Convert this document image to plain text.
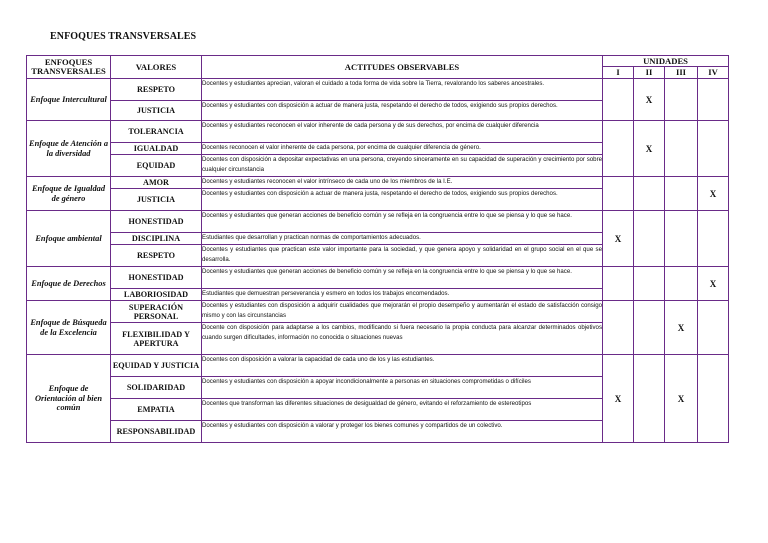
ENFOQUES TRANSVERSALES
ENFOQUES TRANSVERSALES	VALORES	ACTITUDES OBSERVABLES	UNIDADES			
			I	II	III	IV
Enfoque Intercultural	RESPETO	Docentes y estudiantes aprecian, valoran el cuidado a toda forma de vida sobre la Tierra, revalorando los saberes ancestrales.		X		
	JUSTICIA	Docentes y estudiantes con disposición a actuar de manera justa, respetando el derecho de todos, exigiendo sus propios derechos.				

Enfoque de Atención a la diversidad	TOLERANCIA	Docentes y estudiantes reconocen el valor inherente de cada persona y de sus derechos, por encima de cualquier diferencia		X		
	IGUALDAD	Docentes reconocen el valor inherente de cada persona, por encima de cualquier diferencia de género.				

	EQUIDAD	Docentes con disposición a depositar expectativas en una persona, creyendo sinceramente en su capacidad de superación y crecimiento por sobre cualquier circunstancia				

Enfoque de Igualdad de género	AMOR	Docentes y estudiantes reconocen el valor intrínseco de cada uno de los miembros de la I.E.				X
	JUSTICIA	Docentes y estudiantes con disposición a actuar de manera justa, respetando el derecho de todos, exigiendo sus propios derechos.				

Enfoque ambiental	HONESTIDAD	Docentes y estudiantes que generan acciones de beneficio común y se refleja en la congruencia entre lo que se piensa y lo que se hace.	X			
	DISCIPLINA	Estudiantes que desarrollan y practican normas de comportamientos adecuados.				

	RESPETO	Docentes y estudiantes que practican este valor importante para la sociedad, y que genera apoyo y solidaridad en el grupo social en el que se desarrolla.				

Enfoque de Derechos	HONESTIDAD	Docentes y estudiantes que generan acciones de beneficio común y se refleja en la congruencia entre lo que se piensa y lo que se hace.				X
	LABORIOSIDAD	Estudiantes que demuestran perseverancia y esmero en todos los trabajos encomendados.				

Enfoque de Búsqueda de la Excelencia	SUPERACIÓN PERSONAL	Docentes y estudiantes con disposición a adquirir cualidades que mejorarán el propio desempeño y aumentarán el estado de satisfacción consigo mismo y con las circunstancias			X	
	FLEXIBILIDAD Y APERTURA	Docente con disposición para adaptarse a los cambios, modificando si fuera necesario la propia conducta para alcanzar determinados objetivos cuando surgen dificultades, información no conocida o situaciones nuevas				

Enfoque de Orientación al bien común	EQUIDAD Y JUSTICIA	Docentes con disposición a valorar la capacidad de cada uno de los y las estudiantes.	X		X	
	SOLIDARIDAD	Docentes y estudiantes con disposición a apoyar incondicionalmente a personas en situaciones comprometidas o difíciles				

	EMPATIA	Docentes que transforman las diferentes situaciones de desigualdad de género, evitando el reforzamiento de estereotipos				

	RESPONSABILIDAD	Docentes y estudiantes con disposición a valorar y proteger los bienes comunes y compartidos de un colectivo.				
